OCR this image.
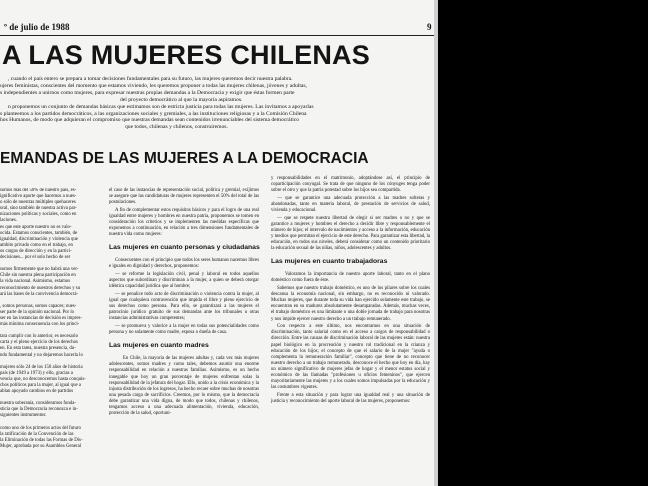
º de julio de 1988	9
A LAS MUJERES CHILENAS
, cuando el país entero se prepara a tomar decisiones fundamentales para su futuro, las mujeres queremos decir nuestra palabra.
ujeres feministas, conscientes del momento que estamos viviendo, les queremos proponer a todas las mujeres chilenas, jóvenes y adultas,
s independientes a unirnos como mujeres, para expresar nuestras propias demandas a la Democracia y exigir que éstas formen parte
del proyecto democrático al que la mayoría aspiramos.
n proponemos un conjunto de demandas básicas que estimamos son de estricta justicia para todas las mujeres. Las invitamos a apoyarlas
s planteemos a los partidos democráticos, a las organizaciones sociales y gremiales, a las instituciones religiosas y a la Comisión Chilena
hos Humanos, de modo que adquieran el compromiso que nuestras demandas sean contenidos irrenunciables del sistema democrático
que todos, chilenas y chilenos, construiremos.
EMANDAS DE LAS MUJERES A LA DEMOCRACIA
somos más del 50% de nuestro país, es-
ignificativo aporte que hacemos a nues-
o sólo de nuestras múltiples quehaceres
oral, sino también de nuestra activa par-
nizaciones políticas y sociales, como en
laciones.
es que este aporte nuestro no es valo-
ocida. Estamos conscientes, también, de
igualdad, discriminación y violencia que
ambito privado como en el trabajo, en
os cargos de dirección y en la partici-
decisiones... por el solo hecho de ser
somos firmemente que no habrá una ver-
Chile sin nuestra plena participación en
la vida nacional. Asimismo, estamos
reconocimiento de nuestros derechos y su
ará las bases de la convivencia democrá-
, somos personas, somos capaces; nues-
ser parte de la opinión nacional. Por lo
ser en las instancias de decisión es impres-
más mínima consecuencia con los princi-
tara cumplir con lo anterior, es necesario
carta y el pleno ejercicio de los derechos
en. En esta tarea, nuestra presencia, du-
ndo fundamental y no dejaremos hacerla lo
mujeres sólo 24 de los 150 años de historia
país (de 1949 a 1973) y ello, gracias a
vencia que, no desconocemos hasta conquis-
chos políticos para la mujer, al igual que a
ablan apoyado cambios en de partidos
nuestra soberanía, consideramos funda-
sticia que la Democracia reconozca e in-
siguientes instrumentos:
como uno de los primeros actos del futuro
la ratificación de la Convención de las
la Eliminación de todas las Formas de Dis-
Mujer, aprobada por su Asamblea General

el caso de las instancias de representación social, política y gremial, exijimos se asegure que las candidaturas de mujeres representen el 50% del total de las postulaciones.

A fin de complementar estos requisitos básicos y para el logro de una real igualdad entre mujeres y hombres en nuestra patria, proponemos se tomen en consideración los criterios y se implementen las medidas específicas que exponemos a continuación, en relación a tres dimensiones fundamentales de nuestra vida como mujeres:

Las mujeres en cuanto personas y ciudadanas

Consecuentes con el principio que todos los seres humanos nacemos libres e iguales en dignidad y derechos, proponemos:

— se reforme la legislación civil, penal y laboral en todos aquellos aspectos que subordinan y discriminan a la mujer, a quien se deberá otorgar idéntica capacidad jurídica que al hombre;

— se penalice todo acto de discriminación o violencia contra la mujer, al igual que cualquiera contravención que impida el libre y pleno ejercicio de sus derechos como persona. Para ello, se garantizará a las mujeres el patrocinio jurídico gratuito de sus demandas ante los tribunales u otras instancias administrativas competentes;

— se promueva y valorice a la mujer en todas sus potencialidades como persona y no solamente como madre, esposa o dueña de casa.

Las mujeres en cuanto madres

En Chile, la mayoría de las mujeres adultas y, cada vez más mujeres adolescentes, somos madres y como tales, debemos asumir una enorme responsabilidad en relación a nuestras familias. Asimismo, es un hecho innegable que hoy un gran porcentaje de mujeres enfrentan solas la responsabilidad de la jefatura del hogar. Ello, unido a la crisis económica y la injusta distribución de los ingresos, ha hecho recaer sobre muchas de nosotras una pesada carga de sacrificios. Creemos, por lo mismo, que la democracia debe garantizar una vida digna, de modo que todos, chilenas y chilenos, tengamos acceso a una adecuada alimentación, vivienda, educación, protección de la salud, oportuni-

y responsabilidades en el matrimonio, adoptándose así, el principio de coparticipación conyugal. Se trata de que ninguno de los cónyuges tenga poder sobre el otro y que la patria potestad sobre los hijos sea compartida.

— que se garantice una adecuada protección a las madres solteras y abandonadas, tanto en materia laboral, de prestación de servicios de salud, vivienda y educacional.

— que se respete nuestra libertad de elegir si ser madres o no y que se garantice a mujeres y hombres el derecho a decidir libre y responsablemente el número de hijos; el intervalo de nacimientos y acceso a la información, educación y medios que permitan el ejercicio de este derecho. Para garantizar esta libertad, la educación, en todos sus niveles, deberá considerar como un contenido prioritario la educación sexual de las niñas, niños, adolescentes y adultos.

Las mujeres en cuanto trabajadoras

Valoramos la importancia de nuestro aporte laboral, tanto en el plano doméstico como fuera de éste.

Sabemos que nuestro trabajo doméstico, es uno de los pilares sobre los cuales descansa la economía nacional, sin embargo, no es reconocido ni valorado. Muchas mujeres, que durante toda su vida han ejercido solamente este trabajo, se encuentran en su madurez absolutamente desamparadas. Además, muchas veces, el trabajo doméstico es una limitante o una doble jornada de trabajo para nosotras y nos impide ejercer nuestro derecho a un trabajo remunerado.

Con respecto a este último, nos encontramos en una situación de discriminación, tanto salarial como en el acceso a cargos de responsabilidad o dirección. Entre las causas de discriminación laboral de las mujeres están: nuestra papel biológico en la procreación y nuestro rol tradicional en la crianza y educación de los hijos; el concepto de que el salario de la mujer "ayuda o complementa la remuneración familiar", concepto que tiene de no reconocer nuestro derecho a un trabajo remunerado, desconoce el hecho que hoy en día, hay un número significativo de mujeres jefas de hogar y el menor estatus social y económico de las llamadas "profesiones u oficios femeninos", que ejercen mayoritariamente las mujeres y a los cuales somos impulsadas por la educación y las costumbres vigentes.

Frente a esta situación y para lograr una igualdad real y una situación de justicia y reconocimiento del aporte laboral de las mujeres, proponemos:
